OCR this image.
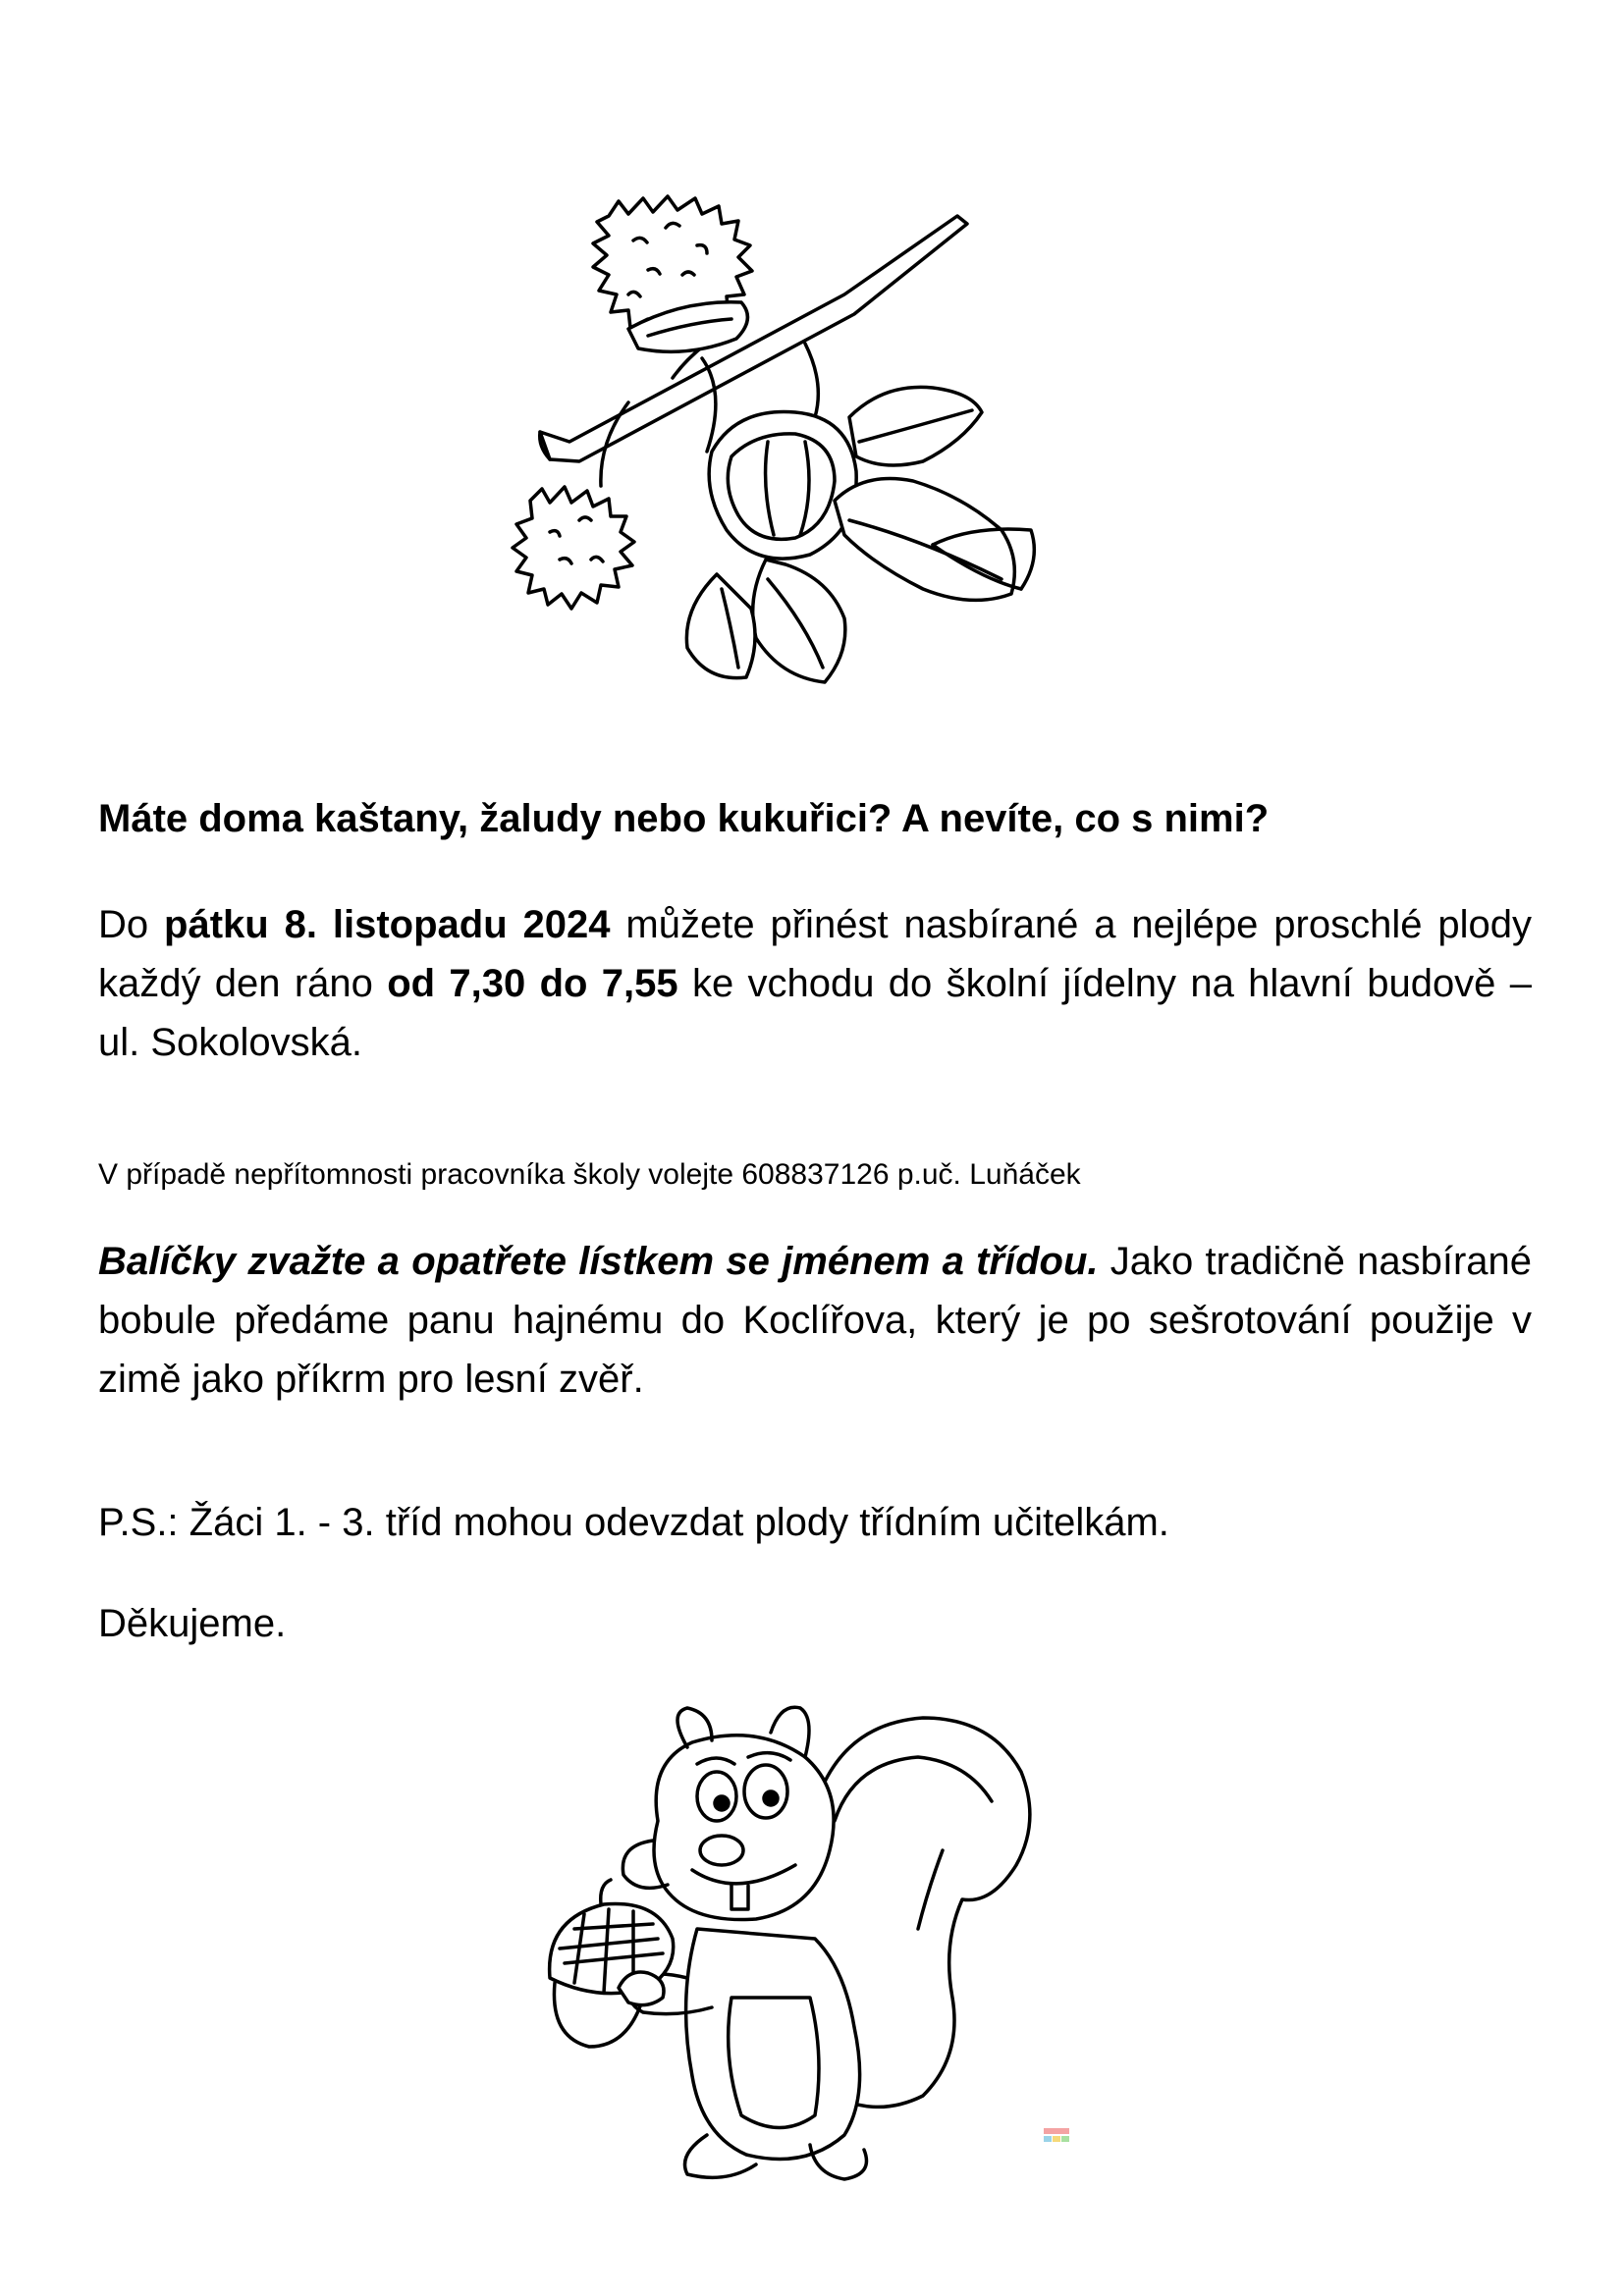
Máte doma kaštany, žaludy nebo kukuřici? A nevíte, co s nimi?
Do pátku 8. listopadu 2024 můžete přinést nasbírané a nejlépe proschlé plody každý den ráno od 7,30 do 7,55 ke vchodu do školní jídelny na hlavní budově – ul. Sokolovská.
V případě nepřítomnosti pracovníka školy volejte 608837126 p.uč. Luňáček
Balíčky zvažte a opatřete lístkem se jménem a třídou. Jako tradičně nasbírané bobule předáme panu hajnému do Koclířova, který je po sešrotování použije v zimě jako příkrm pro lesní zvěř.
P.S.: Žáci 1. - 3. tříd mohou odevzdat plody třídním učitelkám.
Děkujeme.
